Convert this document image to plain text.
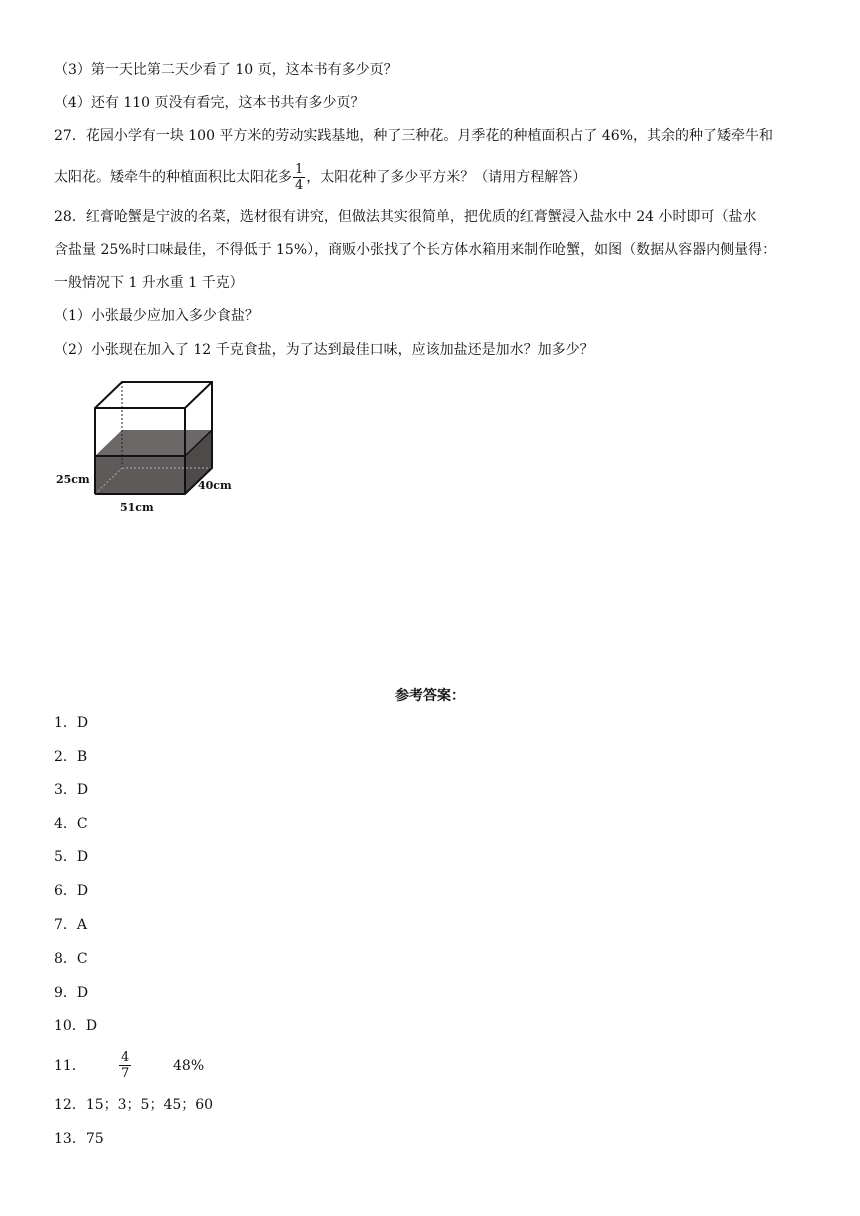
（3）第一天比第二天少看了 10 页，这本书有多少页？
（4）还有 110 页没有看完，这本书共有多少页？
27．花园小学有一块 100 平方米的劳动实践基地，种了三种花。月季花的种植面积占了 46%，其余的种了矮牵牛和
太阳花。矮牵牛的种植面积比太阳花多 $\frac{1}{4}$ ，太阳花种了多少平方米？（请用方程解答）
28．红膏呛蟹是宁波的名菜，选材很有讲究，但做法其实很简单，把优质的红膏蟹浸入盐水中 24 小时即可（盐水
含盐量 25%时口味最佳，不得低于 15%），商贩小张找了个长方体水箱用来制作呛蟹，如图（数据从容器内侧量得：
一般情况下 1 升水重 1 千克）
（1）小张最少应加入多少食盐？
（2）小张现在加入了 12 千克食盐，为了达到最佳口味，应该加盐还是加水？加多少？
25cm
51cm
40cm
参考答案：
1．D
2．B
3．D
4．C
5．D
6．D
7．A
8．C
9．D
10．D
11．	$\frac{4}{7}$	48%
12．15；3；5；45；60
13．75
